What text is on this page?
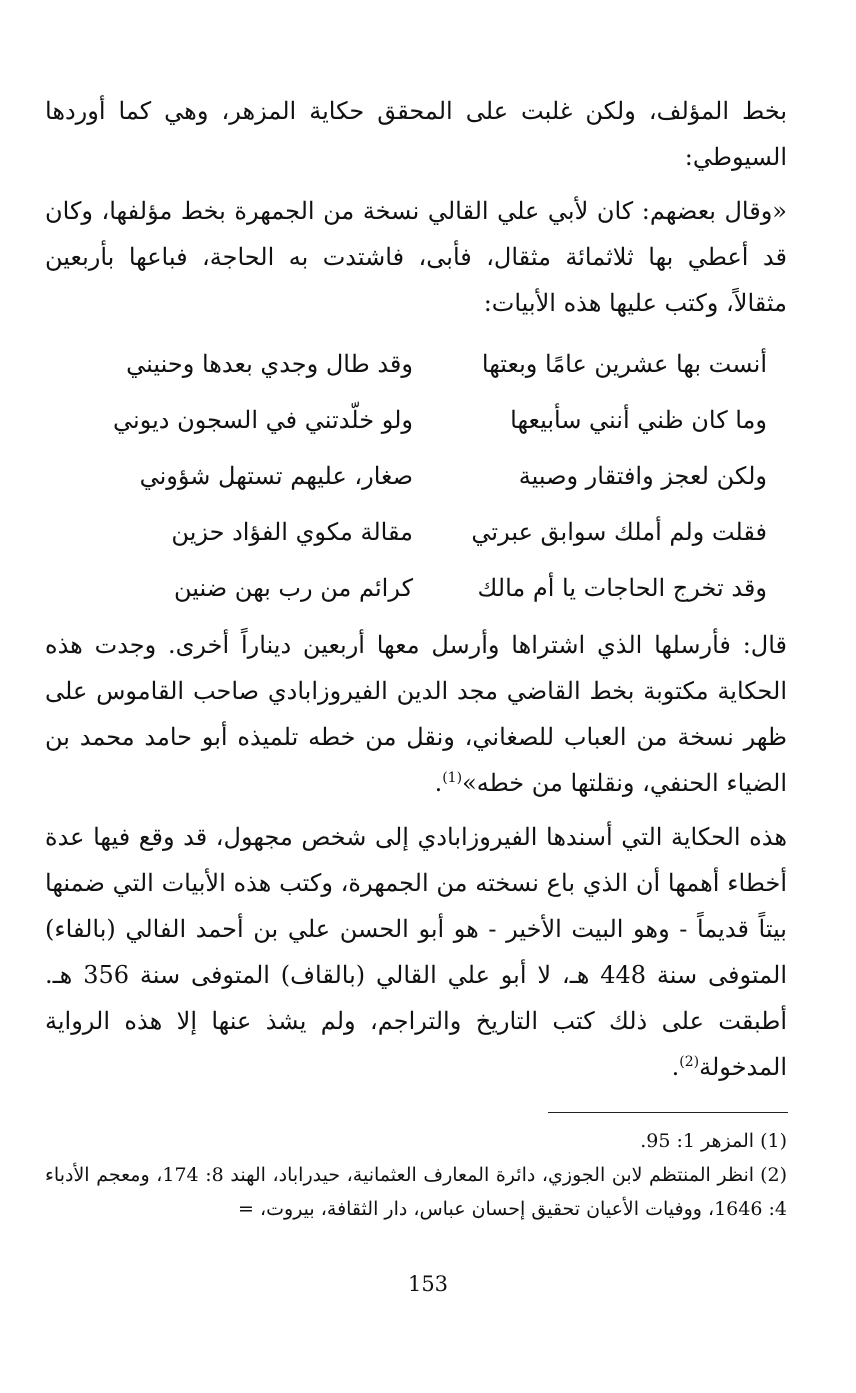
بخط المؤلف، ولكن غلبت على المحقق حكاية المزهر، وهي كما أوردها السيوطي:

«وقال بعضهم: كان لأبي علي القالي نسخة من الجمهرة بخط مؤلفها، وكان قد أعطي بها ثلاثمائة مثقال، فأبى، فاشتدت به الحاجة، فباعها بأربعين مثقالاً، وكتب عليها هذه الأبيات:

أنست بها عشرين عامًا وبعتها
وقد طال وجدي بعدها وحنيني
وما كان ظني أنني سأبيعها
ولو خلّدتني في السجون ديوني
ولكن لعجز وافتقار وصبية
صغار، عليهم تستهل شؤوني
فقلت ولم أملك سوابق عبرتي
مقالة مكوي الفؤاد حزين
وقد تخرج الحاجات يا أم مالك
كرائم من رب بهن ضنين

قال: فأرسلها الذي اشتراها وأرسل معها أربعين ديناراً أخرى. وجدت هذه الحكاية مكتوبة بخط القاضي مجد الدين الفيروزابادي صاحب القاموس على ظهر نسخة من العباب للصغاني، ونقل من خطه تلميذه أبو حامد محمد بن الضياء الحنفي، ونقلتها من خطه»$^{(1)}$.

هذه الحكاية التي أسندها الفيروزابادي إلى شخص مجهول، قد وقع فيها عدة أخطاء أهمها أن الذي باع نسخته من الجمهرة، وكتب هذه الأبيات التي ضمنها بيتاً قديماً - وهو البيت الأخير - هو أبو الحسن علي بن أحمد الفالي (بالفاء) المتوفى سنة 448 هـ، لا أبو علي القالي (بالقاف) المتوفى سنة 356 هـ. أطبقت على ذلك كتب التاريخ والتراجم، ولم يشذ عنها إلا هذه الرواية المدخولة$^{(2)}$.

(1)المزهر 1: 95.

(2)انظر المنتظم لابن الجوزي، دائرة المعارف العثمانية، حيدراباد، الهند 8: 174، ومعجم الأدباء 4: 1646، ووفيات الأعيان تحقيق إحسان عباس، دار الثقافة، بيروت، =

153
